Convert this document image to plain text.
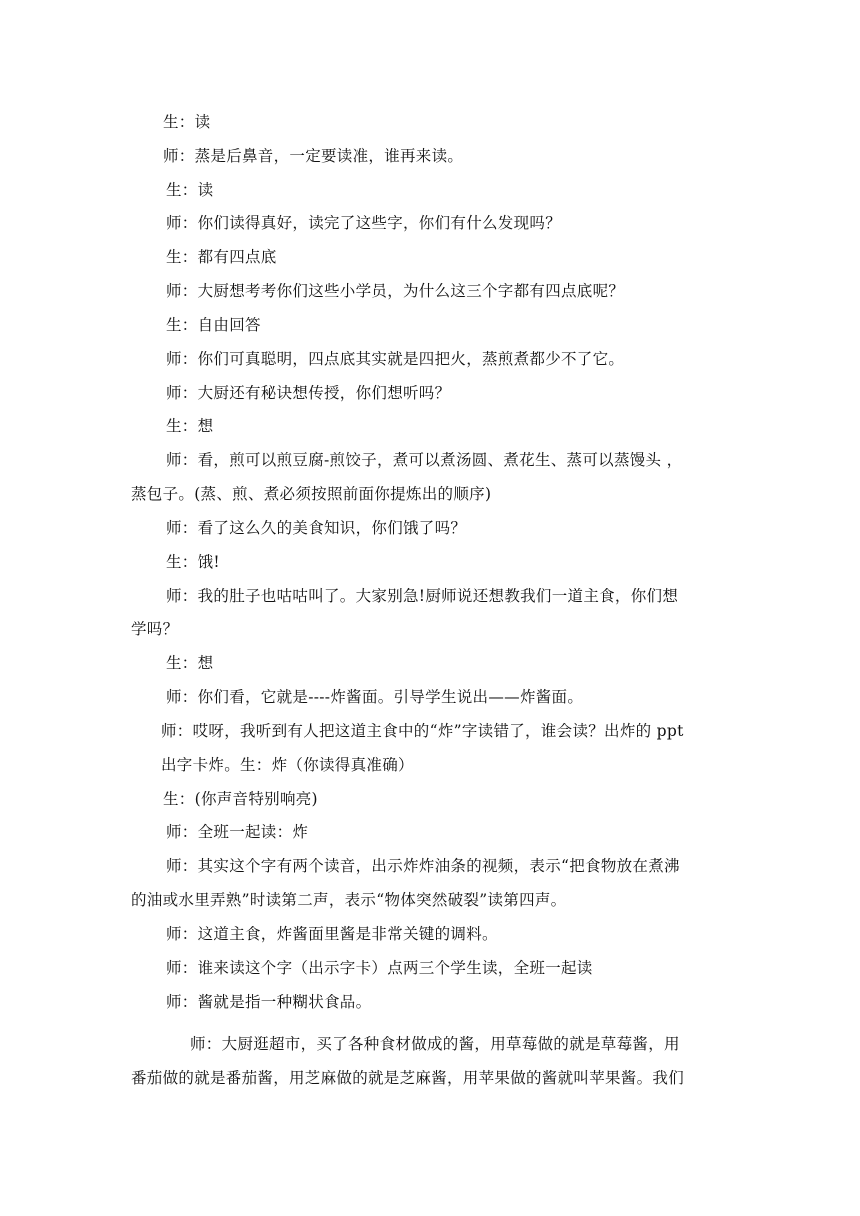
生：读
师：蒸是后鼻音，一定要读准，谁再来读。
生：读
师：你们读得真好，读完了这些字，你们有什么发现吗？
生：都有四点底
师：大厨想考考你们这些小学员，为什么这三个字都有四点底呢？
生：自由回答
师：你们可真聪明，四点底其实就是四把火，蒸煎煮都少不了它。
师：大厨还有秘诀想传授，你们想听吗？
生：想
师：看，煎可以煎豆腐-煎饺子，煮可以煮汤圆、煮花生、蒸可以蒸馒头 ，
蒸包子。(蒸、煎、煮必须按照前面你提炼出的顺序)
师：看了这么久的美食知识，你们饿了吗？
生：饿!
师：我的肚子也咕咕叫了。大家别急!厨师说还想教我们一道主食，你们想
学吗？
生：想
师：你们看，它就是----炸酱面。引导学生说出——炸酱面。
师：哎呀，我听到有人把这道主食中的“炸”字读错了，谁会读？出炸的 ppt
出字卡炸。生：炸（你读得真准确）
生：(你声音特别响亮)
师：全班一起读：炸
师：其实这个字有两个读音，出示炸炸油条的视频，表示“把食物放在煮沸
的油或水里弄熟”时读第二声，表示“物体突然破裂”读第四声。
师：这道主食，炸酱面里酱是非常关键的调料。
师：谁来读这个字（出示字卡）点两三个学生读，全班一起读
师：酱就是指一种糊状食品。
师：大厨逛超市，买了各种食材做成的酱，用草莓做的就是草莓酱，用
番茄做的就是番茄酱，用芝麻做的就是芝麻酱，用苹果做的酱就叫苹果酱。我们
